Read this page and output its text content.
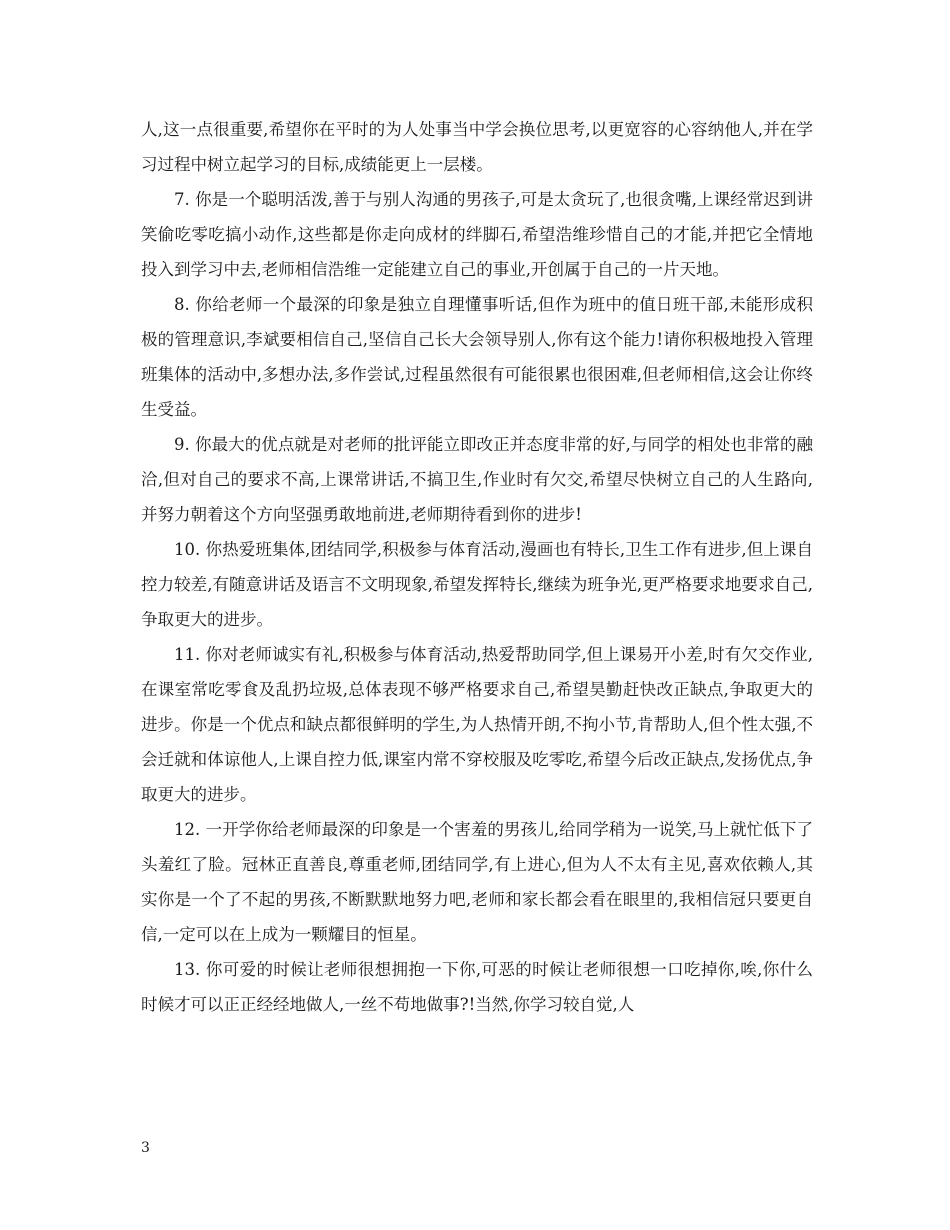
人,这一点很重要,希望你在平时的为人处事当中学会换位思考,以更宽容的心容纳他人,并在学习过程中树立起学习的目标,成绩能更上一层楼。

7. 你是一个聪明活泼,善于与别人沟通的男孩子,可是太贪玩了,也很贪嘴,上课经常迟到讲笑偷吃零吃搞小动作,这些都是你走向成材的绊脚石,希望浩维珍惜自己的才能,并把它全情地投入到学习中去,老师相信浩维一定能建立自己的事业,开创属于自己的一片天地。

8. 你给老师一个最深的印象是独立自理懂事听话,但作为班中的值日班干部,未能形成积极的管理意识,李斌要相信自己,坚信自己长大会领导别人,你有这个能力!请你积极地投入管理班集体的活动中,多想办法,多作尝试,过程虽然很有可能很累也很困难,但老师相信,这会让你终生受益。

9. 你最大的优点就是对老师的批评能立即改正并态度非常的好,与同学的相处也非常的融洽,但对自己的要求不高,上课常讲话,不搞卫生,作业时有欠交,希望尽快树立自己的人生路向,并努力朝着这个方向坚强勇敢地前进,老师期待看到你的进步!

10. 你热爱班集体,团结同学,积极参与体育活动,漫画也有特长,卫生工作有进步,但上课自控力较差,有随意讲话及语言不文明现象,希望发挥特长,继续为班争光,更严格要求地要求自己,争取更大的进步。

11. 你对老师诚实有礼,积极参与体育活动,热爱帮助同学,但上课易开小差,时有欠交作业,在课室常吃零食及乱扔垃圾,总体表现不够严格要求自己,希望昊勤赶快改正缺点,争取更大的进步。你是一个优点和缺点都很鲜明的学生,为人热情开朗,不拘小节,肯帮助人,但个性太强,不会迁就和体谅他人,上课自控力低,课室内常不穿校服及吃零吃,希望今后改正缺点,发扬优点,争取更大的进步。

12. 一开学你给老师最深的印象是一个害羞的男孩儿,给同学稍为一说笑,马上就忙低下了头羞红了脸。冠林正直善良,尊重老师,团结同学,有上进心,但为人不太有主见,喜欢依赖人,其实你是一个了不起的男孩,不断默默地努力吧,老师和家长都会看在眼里的,我相信冠只要更自信,一定可以在上成为一颗耀目的恒星。

13. 你可爱的时候让老师很想拥抱一下你,可恶的时候让老师很想一口吃掉你,唉,你什么时候才可以正正经经地做人,一丝不苟地做事?!当然,你学习较自觉,人

3
